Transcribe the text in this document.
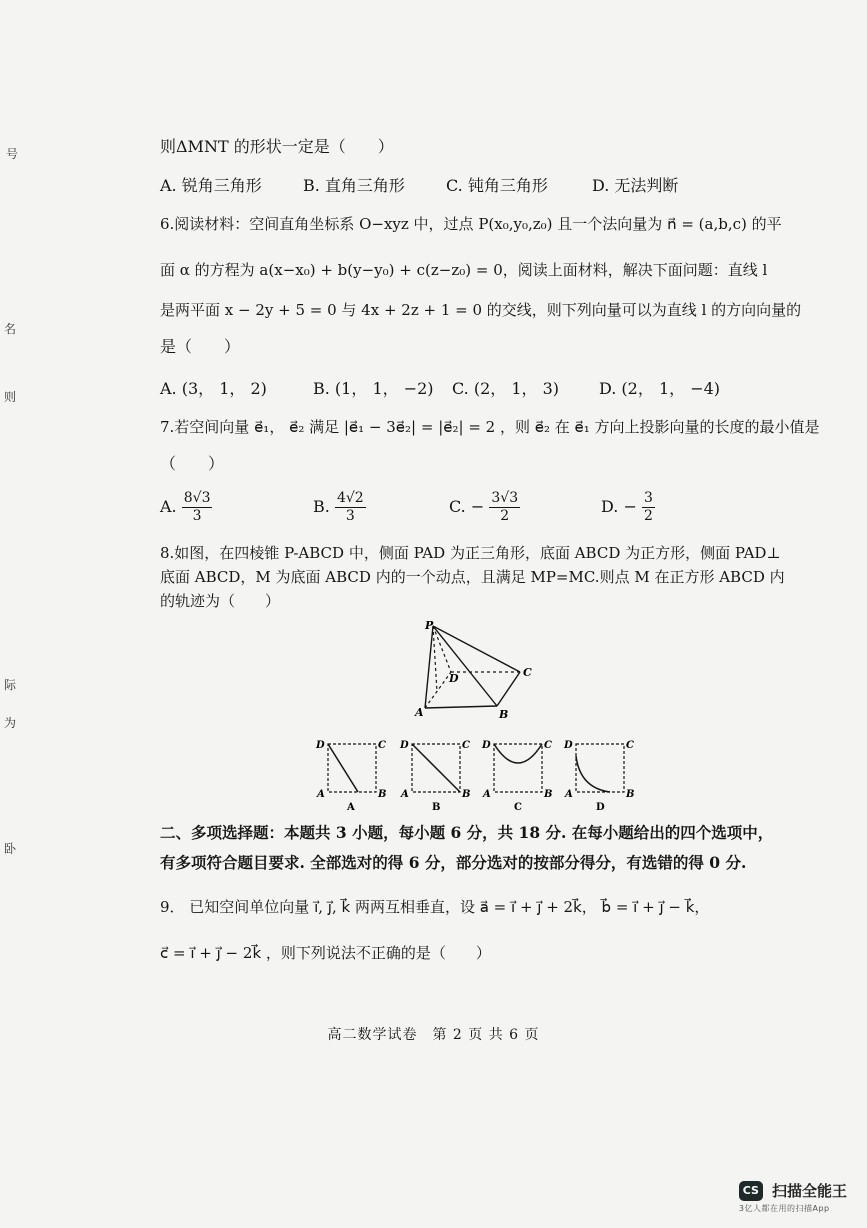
号
名
则
际
为
卧
则ΔMNT 的形状一定是（　　）
A. 锐角三角形	B. 直角三角形	C. 钝角三角形	D. 无法判断
6.阅读材料：空间直角坐标系 O−xyz 中，过点 P(x₀,y₀,z₀) 且一个法向量为 n⃗ = (a,b,c) 的平
面 α 的方程为 a(x−x₀) + b(y−y₀) + c(z−z₀) = 0，阅读上面材料，解决下面问题：直线 l
是两平面 x − 2y + 5 = 0 与 4x + 2z + 1 = 0 的交线，则下列向量可以为直线 l 的方向向量的
是（　　）
A. (3， 1， 2)	B. (1， 1， −2) C. (2， 1， 3) D. (2， 1， −4)
7.若空间向量 e⃗₁， e⃗₂ 满足 |e⃗₁ − 3e⃗₂| = |e⃗₂| = 2 ，则 e⃗₂ 在 e⃗₁ 方向上投影向量的长度的最小值是
（　　）
A. $\frac{8√3}{3}$	B. $\frac{4√2}{3}$	C. − $\frac{3√3}{2}$	D. − $\frac{3}{2}$
8.如图，在四棱锥 P-ABCD 中，侧面 PAD 为正三角形，底面 ABCD 为正方形，侧面 PAD⊥
底面 ABCD，M 为底面 ABCD 内的一个动点，且满足 MP=MC.则点 M 在正方形 ABCD 内
的轨迹为（　　）
P
D	C
A	B
D	C
A	B
A
D	C
A	B
B
D	C
A	B
C
D	C
A	B
D
二、多项选择题：本题共 3 小题，每小题 6 分，共 18 分. 在每小题给出的四个选项中，
有多项符合题目要求. 全部选对的得 6 分，部分选对的按部分得分，有选错的得 0 分.
9． 已知空间单位向量 i⃗, j⃗, k⃗ 两两互相垂直，设 a⃗ = i⃗ + j⃗ + 2k⃗， b⃗ = i⃗ + j⃗ − k⃗，
c⃗ = i⃗ + j⃗ − 2k⃗ ，则下列说法不正确的是（　　）
高二数学试卷　第 2 页 共 6 页
CS 扫描全能王
3亿人都在用的扫描App
